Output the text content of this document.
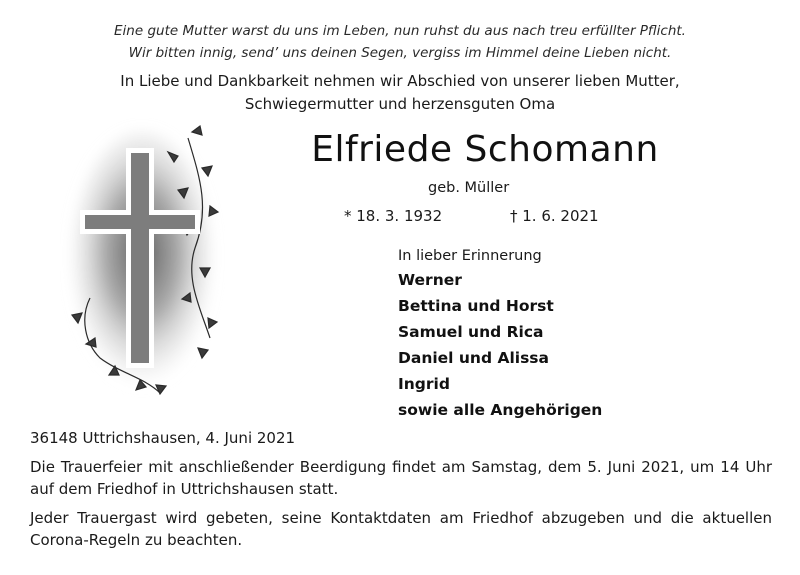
Eine gute Mutter warst du uns im Leben, nun ruhst du aus nach treu erfüllter Pflicht.
Wir bitten innig, send’ uns deinen Segen, vergiss im Himmel deine Lieben nicht.
In Liebe und Dankbarkeit nehmen wir Abschied von unserer lieben Mutter,
Schwiegermutter und herzensguten Oma
Elfriede Schomann
geb. Müller
* 18. 3. 1932	† 1. 6. 2021
In lieber Erinnerung
Werner
Bettina und Horst
Samuel und Rica
Daniel und Alissa
Ingrid
sowie alle Angehörigen
36148 Uttrichshausen, 4. Juni 2021
Die Trauerfeier mit anschließender Beerdigung findet am Samstag, dem 5. Juni 2021, um 14 Uhr auf dem Friedhof in Uttrichshausen statt.
Jeder Trauergast wird gebeten, seine Kontaktdaten am Friedhof abzugeben und die aktuellen Corona-Regeln zu beachten.
